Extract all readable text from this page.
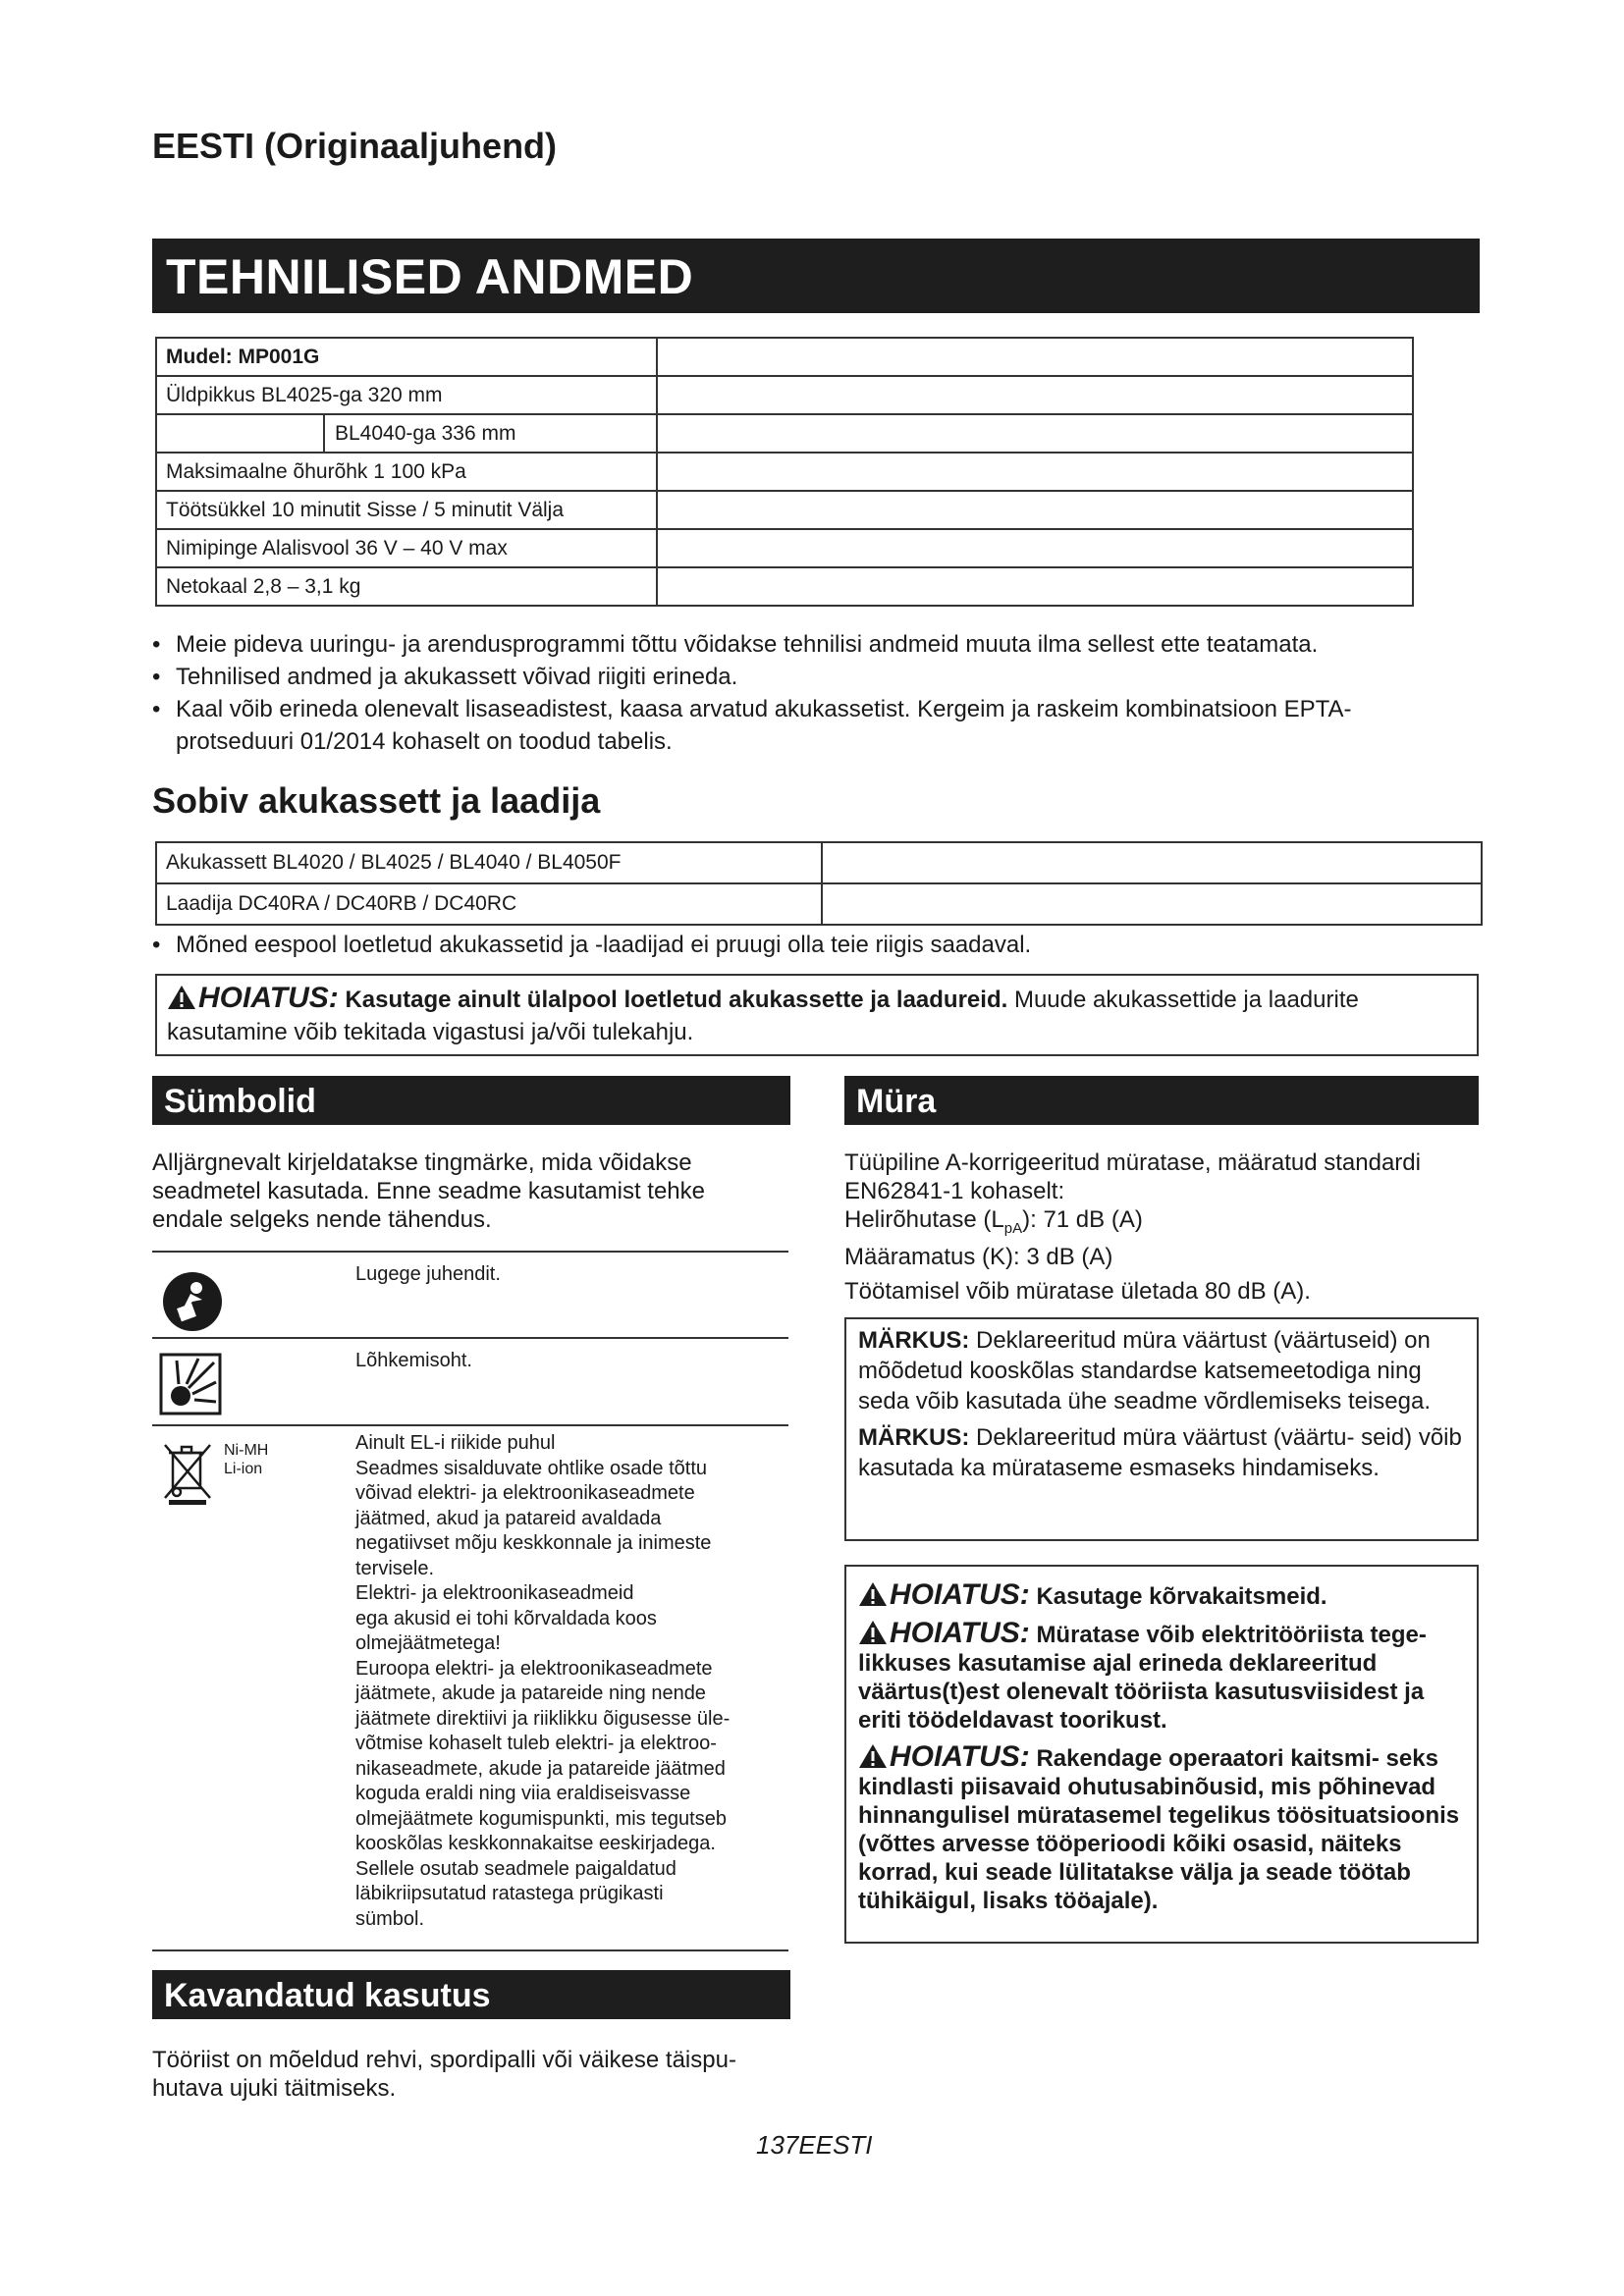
EESTI (Originaaljuhend)
TEHNILISED ANDMED
Mudel: MP001G	

Üldpikkus BL4025-ga 320 mm	

BL4040-ga 336 mm	

Maksimaalne õhurõhk 1 100 kPa	
Töötsükkel 10 minutit Sisse / 5 minutit Välja	
Nimipinge Alalisvool 36 V – 40 V max	
Netokaal 2,8 – 3,1 kg	
• Meie pideva uuringu- ja arendusprogrammi tõttu võidakse tehnilisi andmeid muuta ilma sellest ette teatamata.
• Tehnilised andmed ja akukassett võivad riigiti erineda.
• Kaal võib erineda olenevalt lisaseadistest, kaasa arvatud akukassetist. Kergeim ja raskeim kombinatsioon EPTA-protseduuri 01/2014 kohaselt on toodud tabelis.
Sobiv akukassett ja laadija
Akukassett BL4020 / BL4025 / BL4040 / BL4050F	
Laadija DC40RA / DC40RB / DC40RC	
• Mõned eespool loetletud akukassetid ja -laadijad ei pruugi olla teie riigis saadaval.
HOIATUS: Kasutage ainult ülalpool loetletud akukassette ja laadureid. Muude akukassettide ja laadurite kasutamine võib tekitada vigastusi ja/või tulekahju.
Sümbolid
Alljärgnevalt kirjeldatakse tingmärke, mida võidakse seadmetel kasutada. Enne seadme kasutamist tehke endale selgeks nende tähendus.
Lugege juhendit.
Lõhkemisoht.
Ni-MH
Li-ion
Ainult EL-i riikide puhul
Seadmes sisalduvate ohtlike osade tõttu
võivad elektri- ja elektroonikaseadmete
jäätmed, akud ja patareid avaldada
negatiivset mõju keskkonnale ja inimeste
tervisele.
Elektri- ja elektroonikaseadmeid
ega akusid ei tohi kõrvaldada koos
olmejäätmetega!
Euroopa elektri- ja elektroonikaseadmete
jäätmete, akude ja patareide ning nende
jäätmete direktiivi ja riiklikku õigusesse üle-
võtmise kohaselt tuleb elektri- ja elektroo-
nikaseadmete, akude ja patareide jäätmed
koguda eraldi ning viia eraldiseisvasse
olmejäätmete kogumispunkti, mis tegutseb
kooskõlas keskkonnakaitse eeskirjadega.
Sellele osutab seadmele paigaldatud
läbikriipsutatud ratastega prügikasti
sümbol.
Kavandatud kasutus
Tööriist on mõeldud rehvi, spordipalli või väikese täispu- hutava ujuki täitmiseks.
Müra
Tüüpiline A-korrigeeritud müratase, määratud standardi EN62841-1 kohaselt:
Helirõhutase $(L_{pA})$: 71 dB (A)
Määramatus (K): 3 dB (A)
Töötamisel võib müratase ületada 80 dB (A).
MÄRKUS: Deklareeritud müra väärtust (väärtuseid) on mõõdetud kooskõlas standardse katsemeetodiga ning seda võib kasutada ühe seadme võrdlemiseks teisega.
MÄRKUS: Deklareeritud müra väärtust (väärtu- seid) võib kasutada ka mürataseme esmaseks hindamiseks.
HOIATUS: Kasutage kõrvakaitsmeid.
HOIATUS: Müratase võib elektritööriista tege- likkuses kasutamise ajal erineda deklareeritud väärtus(t)est olenevalt tööriista kasutusviisidest ja eriti töödeldavast toorikust.
HOIATUS: Rakendage operaatori kaitsmi- seks kindlasti piisavaid ohutusabinõusid, mis põhinevad hinnangulisel müratasemel tegelikus töösituatsioonis (võttes arvesse tööperioodi kõiki osasid, näiteks korrad, kui seade lülitatakse välja ja seade töötab tühikäigul, lisaks tööajale).
137EESTI
